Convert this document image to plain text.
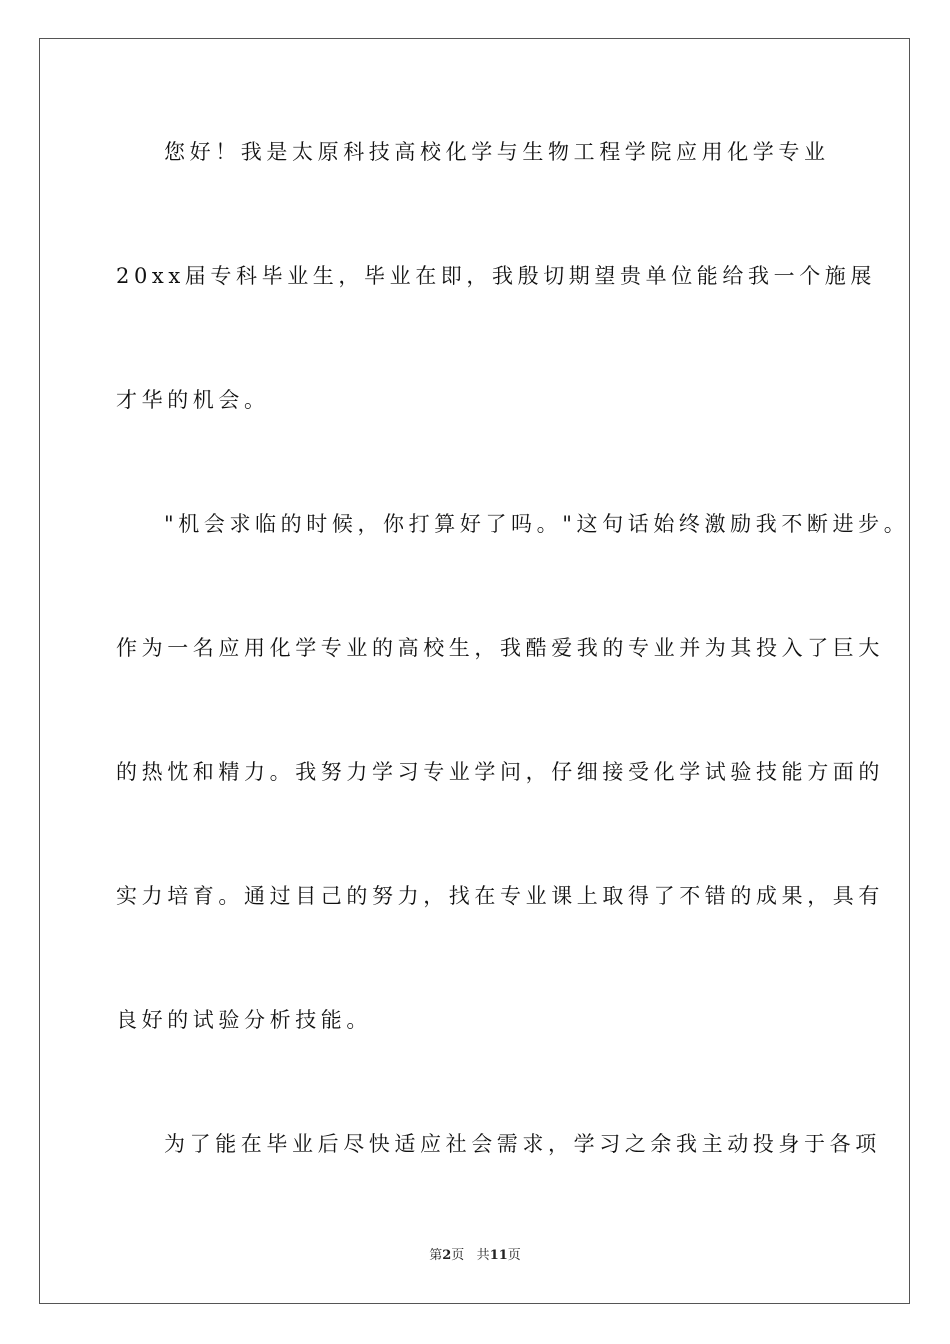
您好！我是太原科技高校化学与生物工程学院应用化学专业
20xx届专科毕业生，毕业在即，我殷切期望贵单位能给我一个施展
才华的机会。
"机会求临的时候，你打算好了吗。"这句话始终激励我不断进步。
作为一名应用化学专业的高校生，我酷爱我的专业并为其投入了巨大
的热忱和精力。我努力学习专业学问，仔细接受化学试验技能方面的
实力培育。通过目己的努力，找在专业课上取得了不错的成果，具有
良好的试验分析技能。
为了能在毕业后尽快适应社会需求，学习之余我主动投身于各项
第2页 共11页
